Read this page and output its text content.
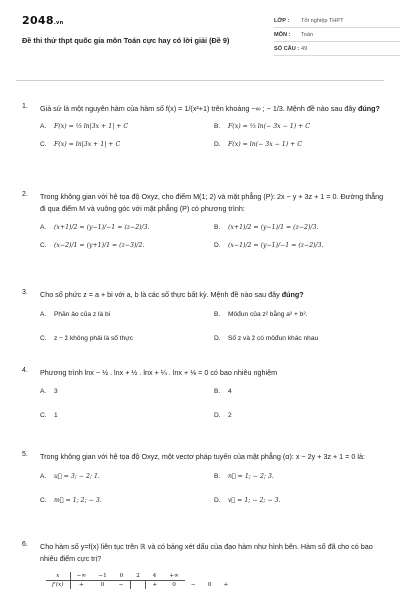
2048.vn
Đề thi thử thpt quốc gia môn Toán cực hay có lời giải (Đề 9)
LỚP :	Tốt nghiệp THPT
MÔN :	Toán
SỐ CÂU : 49
1. Giả sử là một nguyên hàm của hàm số f(x) = 1/(x²+1) trên khoảng −∞ ; − 1/3. Mệnh đề nào sau đây đúng?
A. F(x) = ⅓ ln|3x + 1| + C	B. F(x) = ⅓ ln(− 3x − 1) + C
C. F(x) = ln|3x + 1| + C	D. F(x) = ln(− 3x − 1) + C
2. Trong không gian với hệ tọa độ Oxyz, cho điểm M(1; 2) và mặt phẳng (P): 2x − y + 3z + 1 = 0. Đường thẳng đi qua điểm M và vuông góc với mặt phẳng (P) có phương trình:
A. (x+1)/2 = (y−1)/−1 = (z−2)/3.	B. (x+1)/2 = (y−1)/1 = (z−2)/3.
C. (x−2)/1 = (y+1)/1 = (z−3)/2.	D. (x−1)/2 = (y−1)/−1 = (z−2)/3.
3. Cho số phức z = a + bi với a, b là các số thực bất kỳ. Mệnh đề nào sau đây đúng?
A. Phần ảo của z là bi	B. Môđun của z² bằng a² + b².
C. z − z̄ không phải là số thực	D. Số z và z̄ có môđun khác nhau
4. Phương trình lnx − ½ . lnx + ½ . lnx + ¼ . lnx + ⅛ = 0 có bao nhiêu nghiệm
A. 3	B. 4
C. 1	D. 2
5. Trong không gian với hệ tọa độ Oxyz, một vectơ pháp tuyến của mặt phẳng (α): x − 2y + 3z + 1 = 0 là:
A. u⃗ = 3; − 2; 1.	B. n⃗ = 1; − 2; 3.
C. m⃗ = 1; 2; − 3.	D. v⃗ = 1; − 2; − 3.
6. Cho hàm số y=f(x) liên tục trên ℝ và có bảng xét dấu của đạo hàm như hình bên. Hàm số đã cho có bao nhiêu điểm cực trị?
x	−∞	−1	0	2	4	+∞			
f'(x)	+	0	−		+	0	−	0	+
